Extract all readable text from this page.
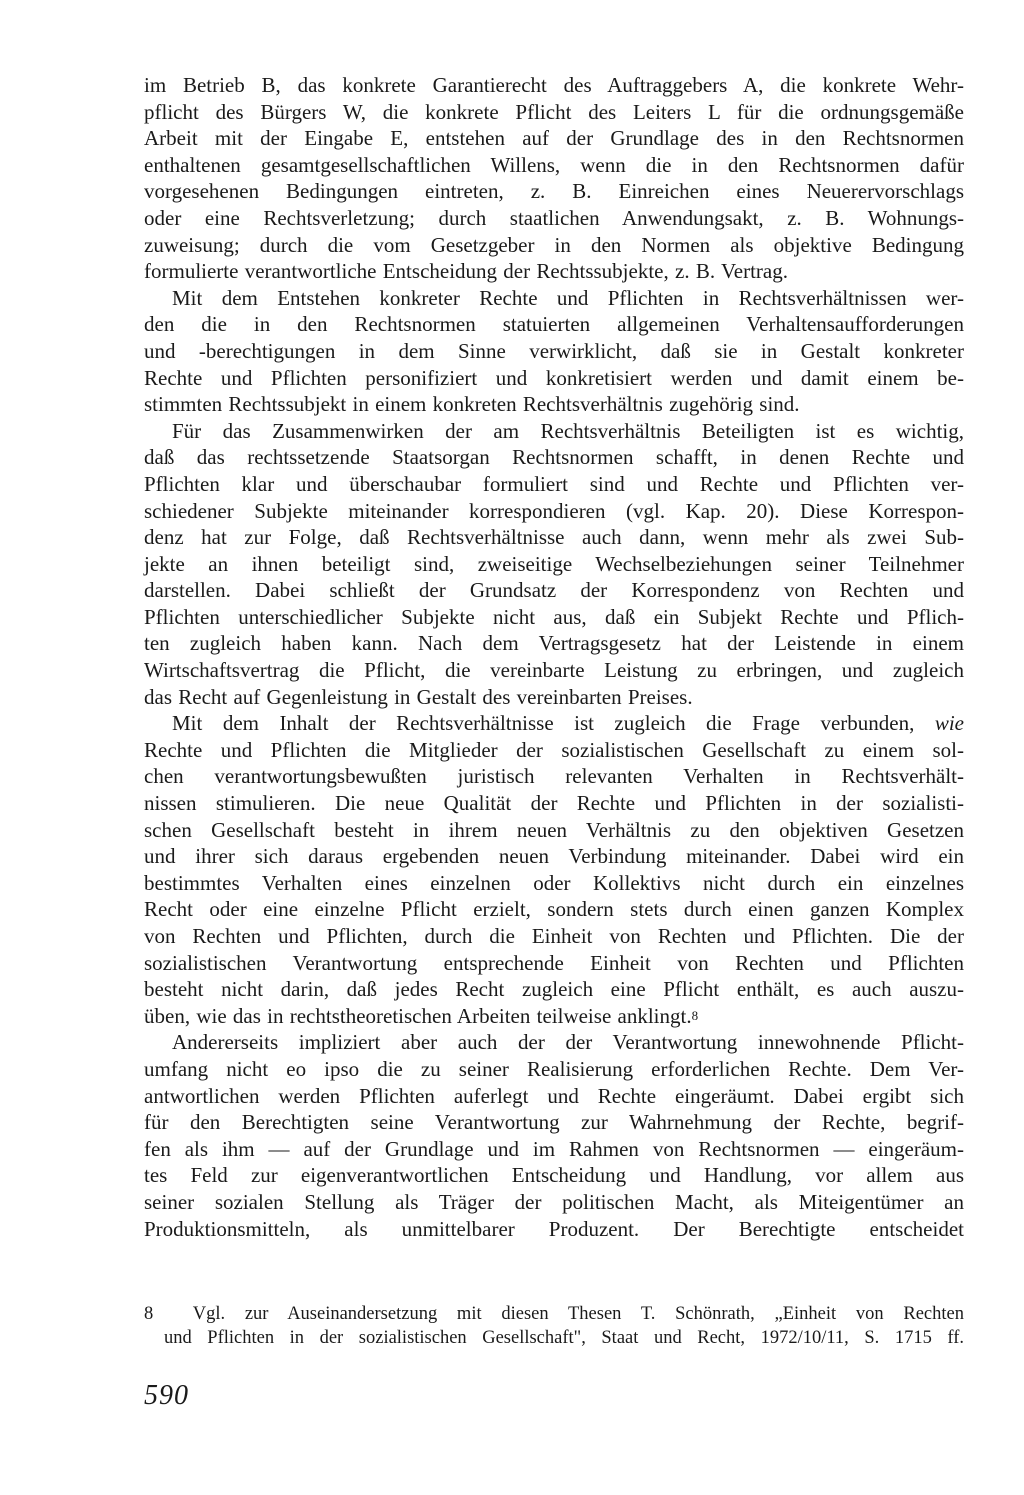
im Betrieb B, das konkrete Garantierecht des Auftraggebers A, die konkrete Wehr-
pflicht des Bürgers W, die konkrete Pflicht des Leiters L für die ordnungsgemäße
Arbeit mit der Eingabe E, entstehen auf der Grundlage des in den Rechtsnormen
enthaltenen gesamtgesellschaftlichen Willens, wenn die in den Rechtsnormen dafür
vorgesehenen Bedingungen eintreten, z. B. Einreichen eines Neuerervorschlags
oder eine Rechtsverletzung; durch staatlichen Anwendungsakt, z. B. Wohnungs-
zuweisung; durch die vom Gesetzgeber in den Normen als objektive Bedingung
formulierte verantwortliche Entscheidung der Rechtssubjekte, z. B. Vertrag.
Mit dem Entstehen konkreter Rechte und Pflichten in Rechtsverhältnissen wer-
den die in den Rechtsnormen statuierten allgemeinen Verhaltensaufforderungen
und -berechtigungen in dem Sinne verwirklicht, daß sie in Gestalt konkreter
Rechte und Pflichten personifiziert und konkretisiert werden und damit einem be-
stimmten Rechtssubjekt in einem konkreten Rechtsverhältnis zugehörig sind.
Für das Zusammenwirken der am Rechtsverhältnis Beteiligten ist es wichtig,
daß das rechtssetzende Staatsorgan Rechtsnormen schafft, in denen Rechte und
Pflichten klar und überschaubar formuliert sind und Rechte und Pflichten ver-
schiedener Subjekte miteinander korrespondieren (vgl. Kap. 20). Diese Korrespon-
denz hat zur Folge, daß Rechtsverhältnisse auch dann, wenn mehr als zwei Sub-
jekte an ihnen beteiligt sind, zweiseitige Wechselbeziehungen seiner Teilnehmer
darstellen. Dabei schließt der Grundsatz der Korrespondenz von Rechten und
Pflichten unterschiedlicher Subjekte nicht aus, daß ein Subjekt Rechte und Pflich-
ten zugleich haben kann. Nach dem Vertragsgesetz hat der Leistende in einem
Wirtschaftsvertrag die Pflicht, die vereinbarte Leistung zu erbringen, und zugleich
das Recht auf Gegenleistung in Gestalt des vereinbarten Preises.
Mit dem Inhalt der Rechtsverhältnisse ist zugleich die Frage verbunden, wie
Rechte und Pflichten die Mitglieder der sozialistischen Gesellschaft zu einem sol-
chen verantwortungsbewußten juristisch relevanten Verhalten in Rechtsverhält-
nissen stimulieren. Die neue Qualität der Rechte und Pflichten in der sozialisti-
schen Gesellschaft besteht in ihrem neuen Verhältnis zu den objektiven Gesetzen
und ihrer sich daraus ergebenden neuen Verbindung miteinander. Dabei wird ein
bestimmtes Verhalten eines einzelnen oder Kollektivs nicht durch ein einzelnes
Recht oder eine einzelne Pflicht erzielt, sondern stets durch einen ganzen Komplex
von Rechten und Pflichten, durch die Einheit von Rechten und Pflichten. Die der
sozialistischen Verantwortung entsprechende Einheit von Rechten und Pflichten
besteht nicht darin, daß jedes Recht zugleich eine Pflicht enthält, es auch auszu-
üben, wie das in rechtstheoretischen Arbeiten teilweise anklingt.$^8$
Andererseits impliziert aber auch der der Verantwortung innewohnende Pflicht-
umfang nicht eo ipso die zu seiner Realisierung erforderlichen Rechte. Dem Ver-
antwortlichen werden Pflichten auferlegt und Rechte eingeräumt. Dabei ergibt sich
für den Berechtigten seine Verantwortung zur Wahrnehmung der Rechte, begrif-
fen als ihm — auf der Grundlage und im Rahmen von Rechtsnormen — eingeräum-
tes Feld zur eigenverantwortlichen Entscheidung und Handlung, vor allem aus
seiner sozialen Stellung als Träger der politischen Macht, als Miteigentümer an
Produktionsmitteln, als unmittelbarer Produzent. Der Berechtigte entscheidet
8 Vgl. zur Auseinandersetzung mit diesen Thesen T. Schönrath, „Einheit von Rechten
und Pflichten in der sozialistischen Gesellschaft", Staat und Recht, 1972/10/11, S. 1715 ff.
590
